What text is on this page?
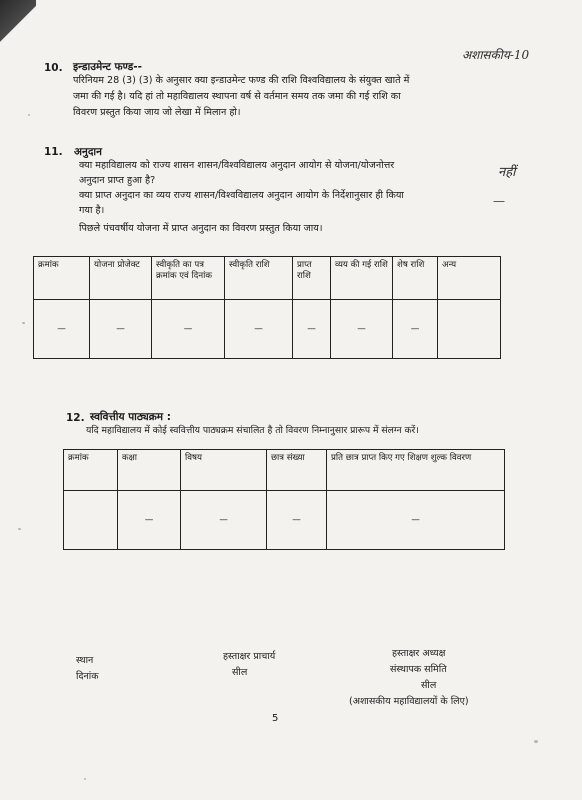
अशासकीय-10
10. इन्डाउमेन्ट फण्ड--
परिनियम 28 (3) (3) के अनुसार क्या इन्डाउमेन्ट फण्ड की राशि विश्वविद्यालय के संयुक्त खाते में
जमा की गई है। यदि हां तो महाविद्यालय स्थापना वर्ष से वर्तमान समय तक जमा की गई राशि का
विवरण प्रस्तुत किया जाय जो लेखा में मिलान हो।
11. अनुदान
क्या महाविद्यालय को राज्य शासन शासन/विश्वविद्यालय अनुदान आयोग से योजना/योजनोत्तर
अनुदान प्राप्त हुआ है?
नहीं
क्या प्राप्त अनुदान का व्यय राज्य शासन/विश्वविद्यालय अनुदान आयोग के निर्देशानुसार ही किया
गया है।
—
पिछले पंचवर्षीय योजना में प्राप्त अनुदान का विवरण प्रस्तुत किया जाय।
क्रमांक	योजना प्रोजेक्ट	स्वीकृति का पत्र क्रमांक एवं दिनांक	स्वीकृति राशि	प्राप्त राशि	व्यय की गई राशि	शेष राशि	अन्य
—	—	—	—	—	—	—	
12. स्ववित्तीय पाठ्यक्रम :
यदि महाविद्यालय में कोई स्ववित्तीय पाठ्यक्रम संचालित है तो विवरण निम्नानुसार प्रारूप में संलग्न करें।
क्रमांक	कक्षा	विषय	छात्र संख्या	प्रति छात्र प्राप्त किए गए शिक्षण शुल्क विवरण
	—	—	—	—
स्थान
दिनांक
हस्ताक्षर प्राचार्य
सील
हस्ताक्षर अध्यक्ष
संस्थापक समिति
सील
(अशासकीय महाविद्यालयों के लिए)
5
